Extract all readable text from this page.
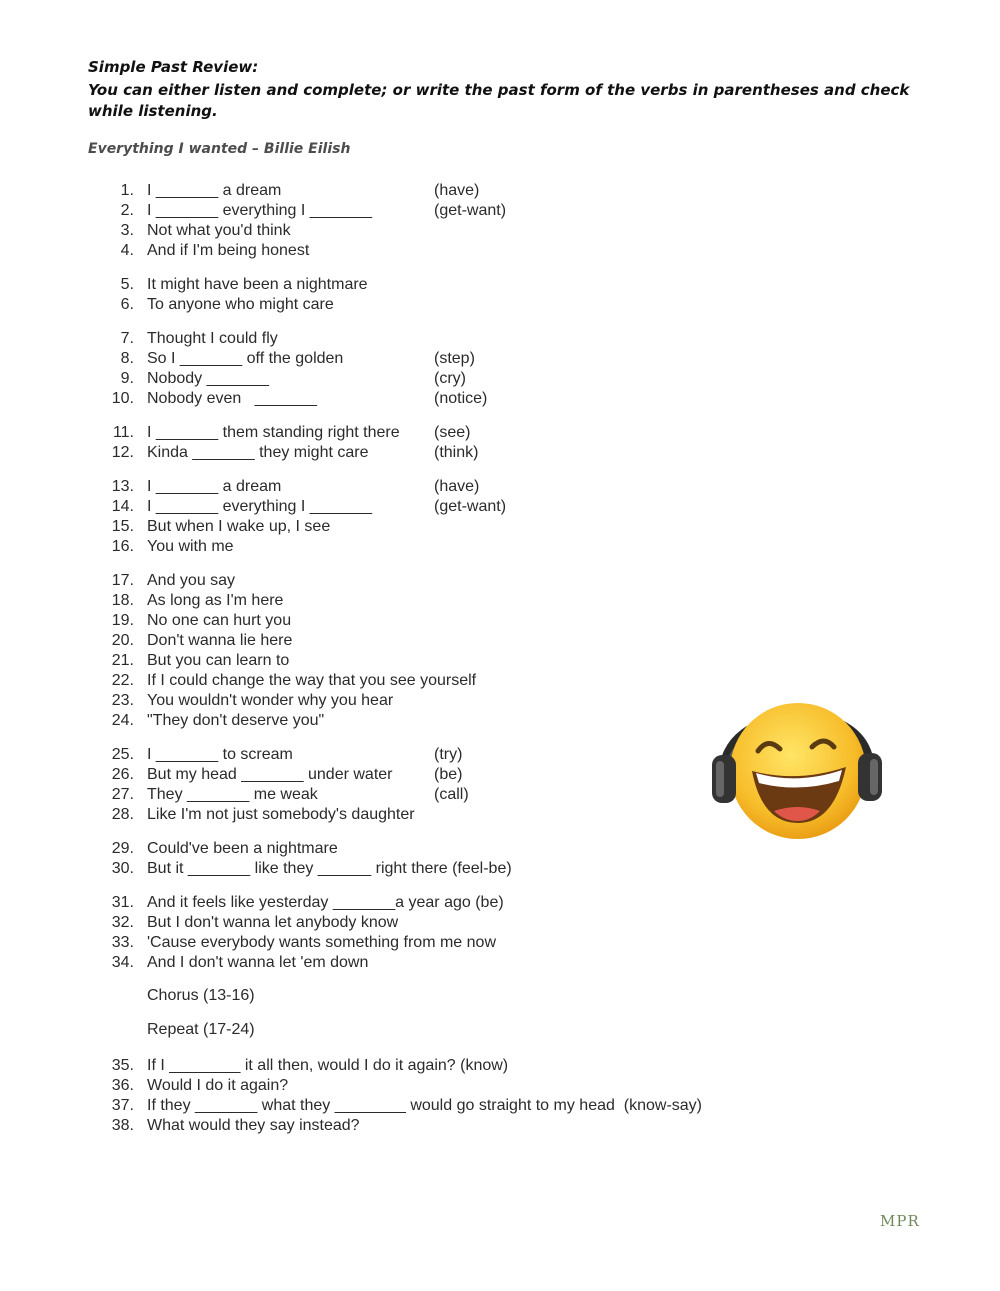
Simple Past Review:
You can either listen and complete; or write the past form of the verbs in parentheses and check while listening.
Everything I wanted – Billie Eilish
1. I _______ a dream	(have)
2. I _______ everything I _______	(get-want)
3. Not what you'd think
4. And if I'm being honest
5. It might have been a nightmare
6. To anyone who might care
7. Thought I could fly
8. So I _______ off the golden	(step)
9. Nobody _______	(cry)
10. Nobody even   _______	(notice)
11. I _______ them standing right there (see)
12. Kinda _______ they might care	(think)
13. I _______ a dream	(have)
14. I _______ everything I _______	(get-want)
15. But when I wake up, I see
16. You with me
17. And you say
18. As long as I'm here
19. No one can hurt you
20. Don't wanna lie here
21. But you can learn to
22. If I could change the way that you see yourself
23. You wouldn't wonder why you hear
24. "They don't deserve you"
25. I _______ to scream	(try)
26. But my head _______ under water	(be)
27. They _______ me weak	(call)
28. Like I'm not just somebody's daughter
29. Could've been a nightmare
30. But it _______ like they ______ right there (feel-be)
31. And it feels like yesterday _______a year ago (be)
32. But I don't wanna let anybody know
33. 'Cause everybody wants something from me now
34. And I don't wanna let 'em down
35. If I ________ it all then, would I do it again? (know)
36. Would I do it again?
37. If they _______ what they ________ would go straight to my head  (know-say)
38. What would they say instead?
Chorus (13-16)
Repeat (17-24)
MPR
